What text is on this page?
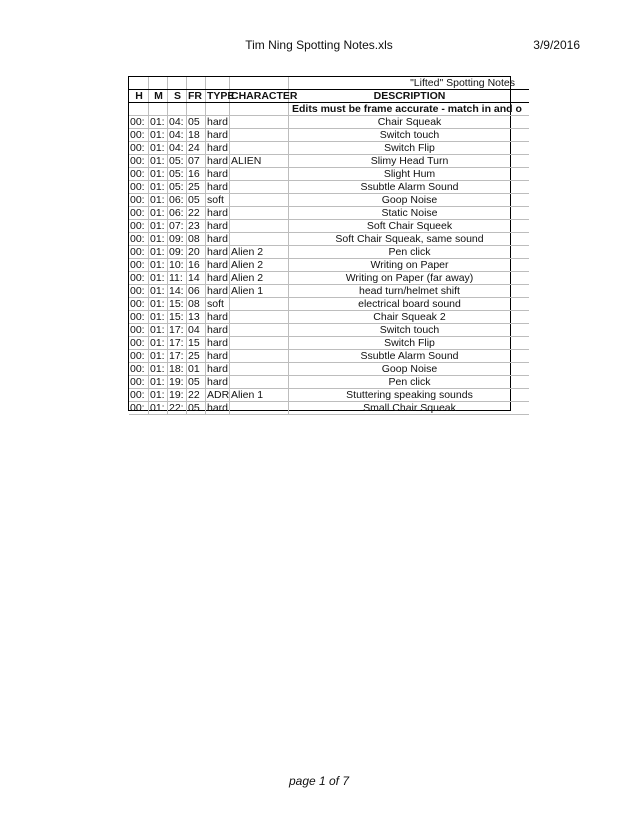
Tim Ning Spotting Notes.xls	3/9/2016
						"Lifted" Spotting Notes
H	M	S	FR	TYPE	CHARACTER	DESCRIPTION
						Edits must be frame accurate - match in and o
00:	01:	04:	05	hard		Chair Squeak
00:	01:	04:	18	hard		Switch touch
00:	01:	04:	24	hard		Switch Flip
00:	01:	05:	07	hard	ALIEN	Slimy Head Turn
00:	01:	05:	16	hard		Slight Hum
00:	01:	05:	25	hard		Ssubtle Alarm Sound
00:	01:	06:	05	soft		Goop Noise
00:	01:	06:	22	hard		Static Noise
00:	01:	07:	23	hard		Soft Chair Squeek
00:	01:	09:	08	hard		Soft Chair Squeak, same sound
00:	01:	09:	20	hard	Alien 2	Pen click
00:	01:	10:	16	hard	Alien 2	Writing on Paper
00:	01:	11:	14	hard	Alien 2	Writing on Paper (far away)
00:	01:	14:	06	hard	Alien 1	head turn/helmet shift
00:	01:	15:	08	soft		electrical board sound
00:	01:	15:	13	hard		Chair Squeak 2
00:	01:	17:	04	hard		Switch touch
00:	01:	17:	15	hard		Switch Flip
00:	01:	17:	25	hard		Ssubtle Alarm Sound
00:	01:	18:	01	hard		Goop Noise
00:	01:	19:	05	hard		Pen click
00:	01:	19:	22	ADR	Alien 1	Stuttering speaking sounds
00:	01:	22:	05	hard		Small Chair Squeak
page 1 of 7
